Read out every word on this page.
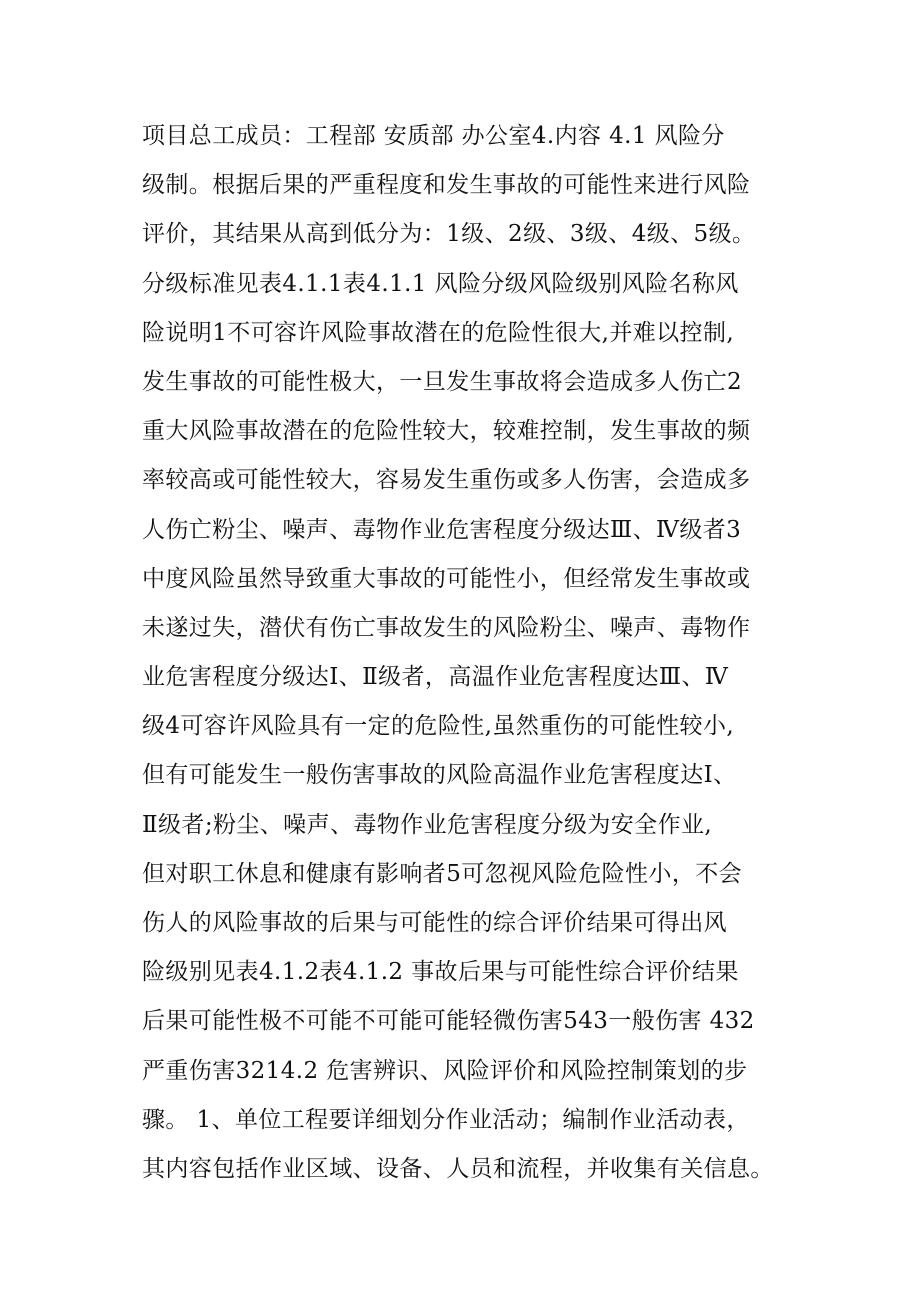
项目总工成员：工程部 安质部 办公室4.内容 4.1 风险分
级制。根据后果的严重程度和发生事故的可能性来进行风险
评价，其结果从高到低分为：1级、2级、3级、4级、5级。
分级标准见表4.1.1表4.1.1 风险分级风险级别风险名称风
险说明1不可容许风险事故潜在的危险性很大,并难以控制,
发生事故的可能性极大，一旦发生事故将会造成多人伤亡2
重大风险事故潜在的危险性较大，较难控制，发生事故的频
率较高或可能性较大，容易发生重伤或多人伤害，会造成多
人伤亡粉尘、噪声、毒物作业危害程度分级达Ⅲ、Ⅳ级者3
中度风险虽然导致重大事故的可能性小，但经常发生事故或
未遂过失，潜伏有伤亡事故发生的风险粉尘、噪声、毒物作
业危害程度分级达Ⅰ、Ⅱ级者，高温作业危害程度达Ⅲ、Ⅳ
级4可容许风险具有一定的危险性,虽然重伤的可能性较小,
但有可能发生一般伤害事故的风险高温作业危害程度达Ⅰ、
Ⅱ级者;粉尘、噪声、毒物作业危害程度分级为安全作业,
但对职工休息和健康有影响者5可忽视风险危险性小，不会
伤人的风险事故的后果与可能性的综合评价结果可得出风
险级别见表4.1.2表4.1.2 事故后果与可能性综合评价结果
后果可能性极不可能不可能可能轻微伤害543一般伤害 432
严重伤害3214.2 危害辨识、风险评价和风险控制策划的步
骤。 1、单位工程要详细划分作业活动；编制作业活动表，
其内容包括作业区域、设备、人员和流程，并收集有关信息。
